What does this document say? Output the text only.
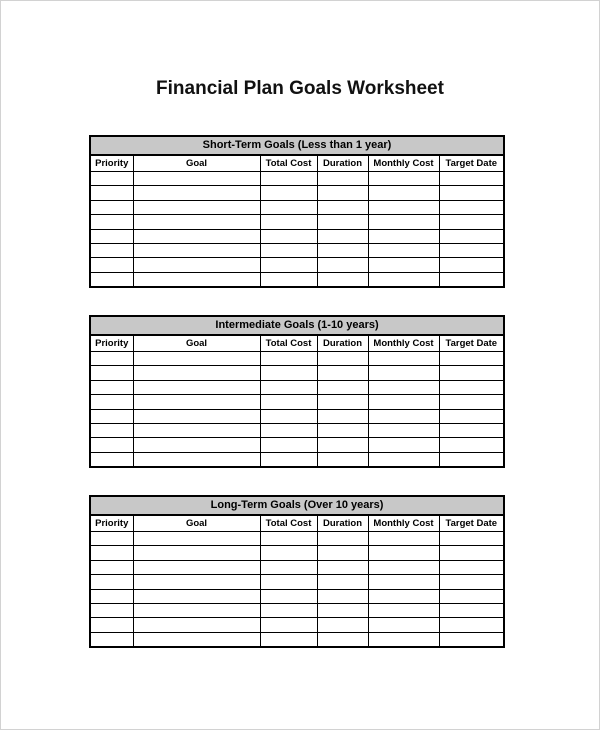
Financial Plan Goals Worksheet
Short-Term Goals (Less than 1 year)					
Priority	Goal	Total Cost	Duration	Monthly Cost	Target Date

Intermediate Goals (1-10 years)					
Priority	Goal	Total Cost	Duration	Monthly Cost	Target Date

Long-Term Goals (Over 10 years)					
Priority	Goal	Total Cost	Duration	Monthly Cost	Target Date
